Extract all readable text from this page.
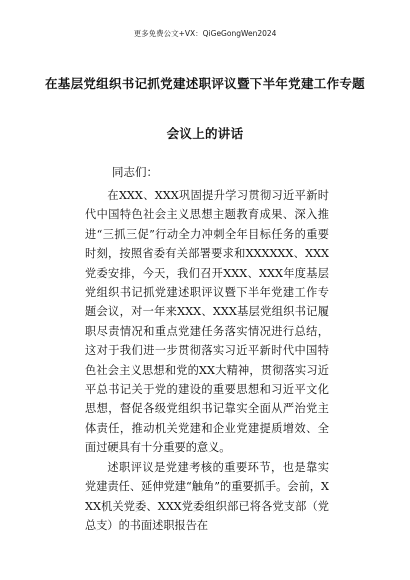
更多免费公文+VX：QiGeGongWen2024
在基层党组织书记抓党建述职评议暨下半年党建工作专题
会议上的讲话
同志们：

在XXX、XXX巩固提升学习贯彻习近平新时代中国特色社会主义思想主题教育成果、深入推进“三抓三促”行动全力冲刺全年目标任务的重要时刻，按照省委有关部署要求和XXXXXX、XXX党委安排，今天，我们召开XXX、XXX年度基层党组织书记抓党建述职评议暨下半年党建工作专题会议，对一年来XXX、XXX基层党组织书记履职尽责情况和重点党建任务落实情况进行总结，这对于我们进一步贯彻落实习近平新时代中国特色社会主义思想和党的XX大精神，贯彻落实习近平总书记关于党的建设的重要思想和习近平文化思想，督促各级党组织书记靠实全面从严治党主体责任，推动机关党建和企业党建提质增效、全面过硬具有十分重要的意义。

述职评议是党建考核的重要环节，也是靠实党建责任、延伸党建“触角”的重要抓手。会前，XXX机关党委、XXX党委组织部已将各党支部（党总支）的书面述职报告在
